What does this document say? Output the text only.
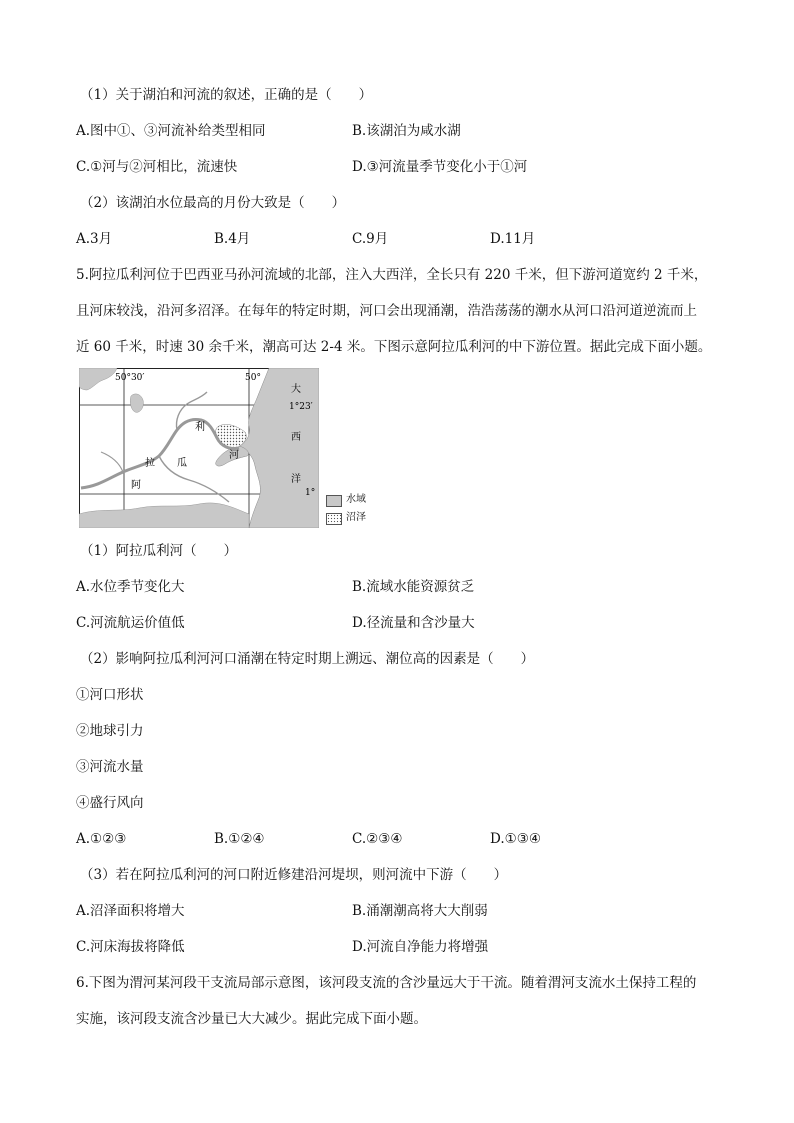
（1）关于湖泊和河流的叙述，正确的是（　　）
A.图中①、③河流补给类型相同	B.该湖泊为咸水湖
C.①河与②河相比，流速快	D.③河流量季节变化小于①河
（2）该湖泊水位最高的月份大致是（　　）
A.3月	B.4月	C.9月	D.11月
5.阿拉瓜利河位于巴西亚马孙河流域的北部，注入大西洋，全长只有 220 千米，但下游河道宽约 2 千米，
且河床较浅，沿河多沼泽。在每年的特定时期，河口会出现涌潮，浩浩荡荡的潮水从河口沿河道逆流而上
近 60 千米，时速 30 余千米，潮高可达 2-4 米。下图示意阿拉瓜利河的中下游位置。据此完成下面小题。
50°30′	50°
1°23′
1°
大
西
洋
阿
拉 瓜
利
河
水域
沼泽
（1）阿拉瓜利河（　　）
A.水位季节变化大	B.流域水能资源贫乏
C.河流航运价值低	D.径流量和含沙量大
（2）影响阿拉瓜利河河口涌潮在特定时期上溯远、潮位高的因素是（　　）
①河口形状
②地球引力
③河流水量
④盛行风向
A.①②③	B.①②④	C.②③④	D.①③④
（3）若在阿拉瓜利河的河口附近修建沿河堤坝，则河流中下游（　　）
A.沼泽面积将增大	B.涌潮潮高将大大削弱
C.河床海拔将降低	D.河流自净能力将增强
6.下图为渭河某河段干支流局部示意图，该河段支流的含沙量远大于干流。随着渭河支流水土保持工程的
实施，该河段支流含沙量已大大减少。据此完成下面小题。
